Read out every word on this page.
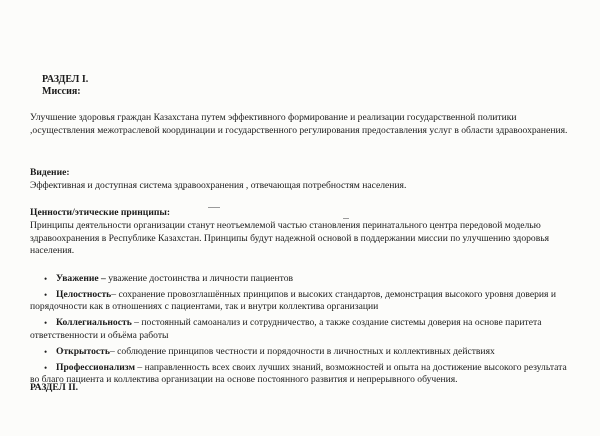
РАЗДЕЛ I.
Миссия:
Улучшение здоровья граждан Казахстана путем эффективного формирование и реализации государственной политики ,осуществления межотраслевой координации и государственного регулирования предоставления услуг в области здравоохранения.
Видение:
Эффективная и доступная система здравоохранения , отвечающая потребностям населения.
Ценности/этические принципы:
Принципы деятельности организации станут неотъемлемой частью становления перинатального центра передовой моделью здравоохранения в Республике Казахстан. Принципы будут надежной основой в поддержании миссии по улучшению здоровья населения.
• Уважение – уважение достоинства и личности пациентов
• Целостность– сохранение провозглашённых принципов и высоких стандартов, демонстрация высокого уровня доверия и порядочности как в отношениях с пациентами, так и внутри коллектива организации
• Коллегиальность – постоянный самоанализ и сотрудничество, а также создание системы доверия на основе паритета ответственности и объёма работы
• Открытость– соблюдение принципов честности и порядочности в личностных и коллективных действиях
• Профессионализм – направленность всех своих лучших знаний, возможностей и опыта на достижение высокого результата во благо пациента и коллектива организации на основе постоянного развития и непрерывного обучения.
РАЗДЕЛ II.
